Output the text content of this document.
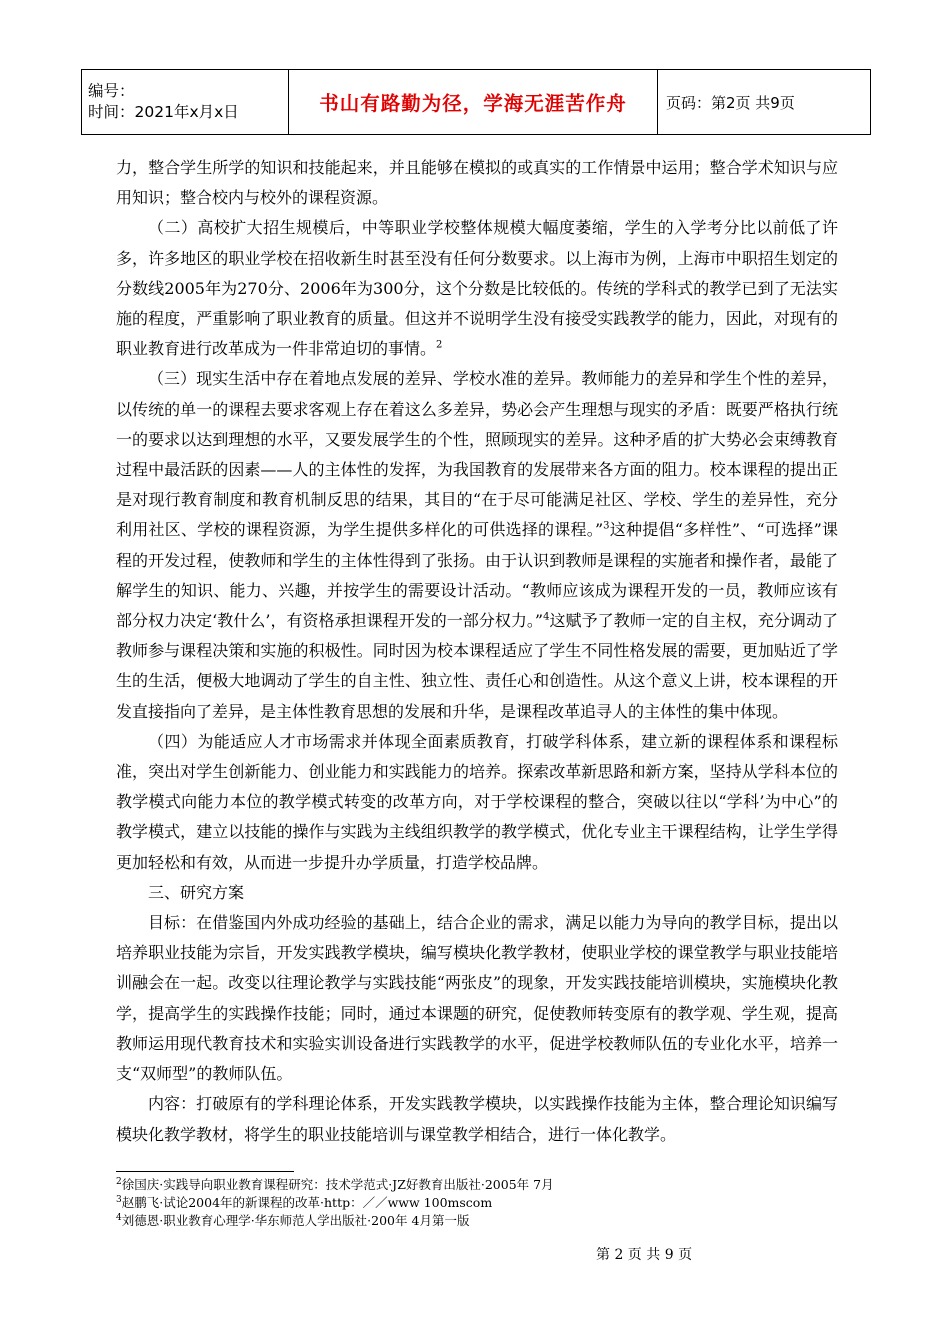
编号：
时间：2021年x月x日	书山有路勤为径，学海无涯苦作舟	页码：第2页 共9页

力，整合学生所学的知识和技能起来，并且能够在模拟的或真实的工作情景中运用；整合学术知识与应用知识；整合校内与校外的课程资源。

（二）高校扩大招生规模后，中等职业学校整体规模大幅度萎缩，学生的入学考分比以前低了许多，许多地区的职业学校在招收新生时甚至没有任何分数要求。以上海市为例，上海市中职招生划定的分数线2005年为270分、2006年为300分，这个分数是比较低的。传统的学科式的教学已到了无法实施的程度，严重影响了职业教育的质量。但这并不说明学生没有接受实践教学的能力，因此，对现有的职业教育进行改革成为一件非常迫切的事情。$^2$

（三）现实生活中存在着地点发展的差异、学校水准的差异。教师能力的差异和学生个性的差异，以传统的单一的课程去要求客观上存在着这么多差异，势必会产生理想与现实的矛盾：既要严格执行统一的要求以达到理想的水平，又要发展学生的个性，照顾现实的差异。这种矛盾的扩大势必会束缚教育过程中最活跃的因素——人的主体性的发挥，为我国教育的发展带来各方面的阻力。校本课程的提出正是对现行教育制度和教育机制反思的结果，其目的“在于尽可能满足社区、学校、学生的差异性，充分利用社区、学校的课程资源，为学生提供多样化的可供选择的课程。”$^3$这种提倡“多样性”、“可选择”课程的开发过程，使教师和学生的主体性得到了张扬。由于认识到教师是课程的实施者和操作者，最能了解学生的知识、能力、兴趣，并按学生的需要设计活动。“教师应该成为课程开发的一员，教师应该有部分权力决定‘教什么’，有资格承担课程开发的一部分权力。”$^4$这赋予了教师一定的自主权，充分调动了教师参与课程决策和实施的积极性。同时因为校本课程适应了学生不同性格发展的需要，更加贴近了学生的生活，便极大地调动了学生的自主性、独立性、责任心和创造性。从这个意义上讲，校本课程的开发直接指向了差异，是主体性教育思想的发展和升华，是课程改革追寻人的主体性的集中体现。

（四）为能适应人才市场需求并体现全面素质教育，打破学科体系，建立新的课程体系和课程标准，突出对学生创新能力、创业能力和实践能力的培养。探索改革新思路和新方案，坚持从学科本位的教学模式向能力本位的教学模式转变的改革方向，对于学校课程的整合，突破以往以“学科’为中心”的教学模式，建立以技能的操作与实践为主线组织教学的教学模式，优化专业主干课程结构，让学生学得更加轻松和有效，从而进一步提升办学质量，打造学校品牌。

三、研究方案

目标：在借鉴国内外成功经验的基础上，结合企业的需求，满足以能力为导向的教学目标，提出以培养职业技能为宗旨，开发实践教学模块，编写模块化教学教材，使职业学校的课堂教学与职业技能培训融会在一起。改变以往理论教学与实践技能“两张皮”的现象，开发实践技能培训模块，实施模块化教学，提高学生的实践操作技能；同时，通过本课题的研究，促使教师转变原有的教学观、学生观，提高教师运用现代教育技术和实验实训设备进行实践教学的水平，促进学校教师队伍的专业化水平，培养一支“双师型”的教师队伍。

内容：打破原有的学科理论体系，开发实践教学模块，以实践操作技能为主体，整合理论知识编写模块化教学教材，将学生的职业技能培训与课堂教学相结合，进行一体化教学。

$^2$徐国庆·实践导向职业教育课程研究：技术学范式·JZ好教育出版社·2005年 7月
$^3$赵鹏飞·试论2004年的新课程的改革·http：／／www 100mscom
$^4$刘德恩·职业教育心理学·华东师范人学出版社·200年 4月第一版
第 2 页 共 9 页
